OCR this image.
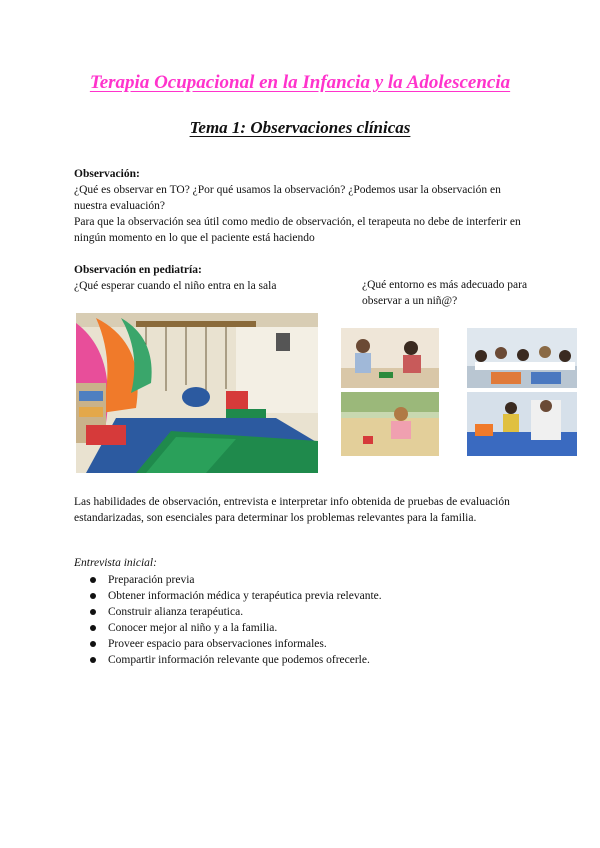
Terapia Ocupacional en la Infancia y la Adolescencia
Tema 1: Observaciones clínicas
Observación:
¿Qué es observar en TO? ¿Por qué usamos la observación? ¿Podemos usar la observación en nuestra evaluación?
Para que la observación sea útil como medio de observación, el terapeuta no debe de interferir en ningún momento en lo que el paciente está haciendo
Observación en pediatría:
¿Qué esperar cuando el niño entra en la sala	¿Qué entorno es más adecuado para observar a un niñ@?
Las habilidades de observación, entrevista e interpretar info obtenida de pruebas de evaluación estandarizadas, son esenciales para determinar los problemas relevantes para la familia.
Entrevista inicial:
Preparación previa
Obtener información médica y terapéutica previa relevante.
Construir alianza terapéutica.
Conocer mejor al niño y a la familia.
Proveer espacio para observaciones informales.
Compartir información relevante que podemos ofrecerle.
